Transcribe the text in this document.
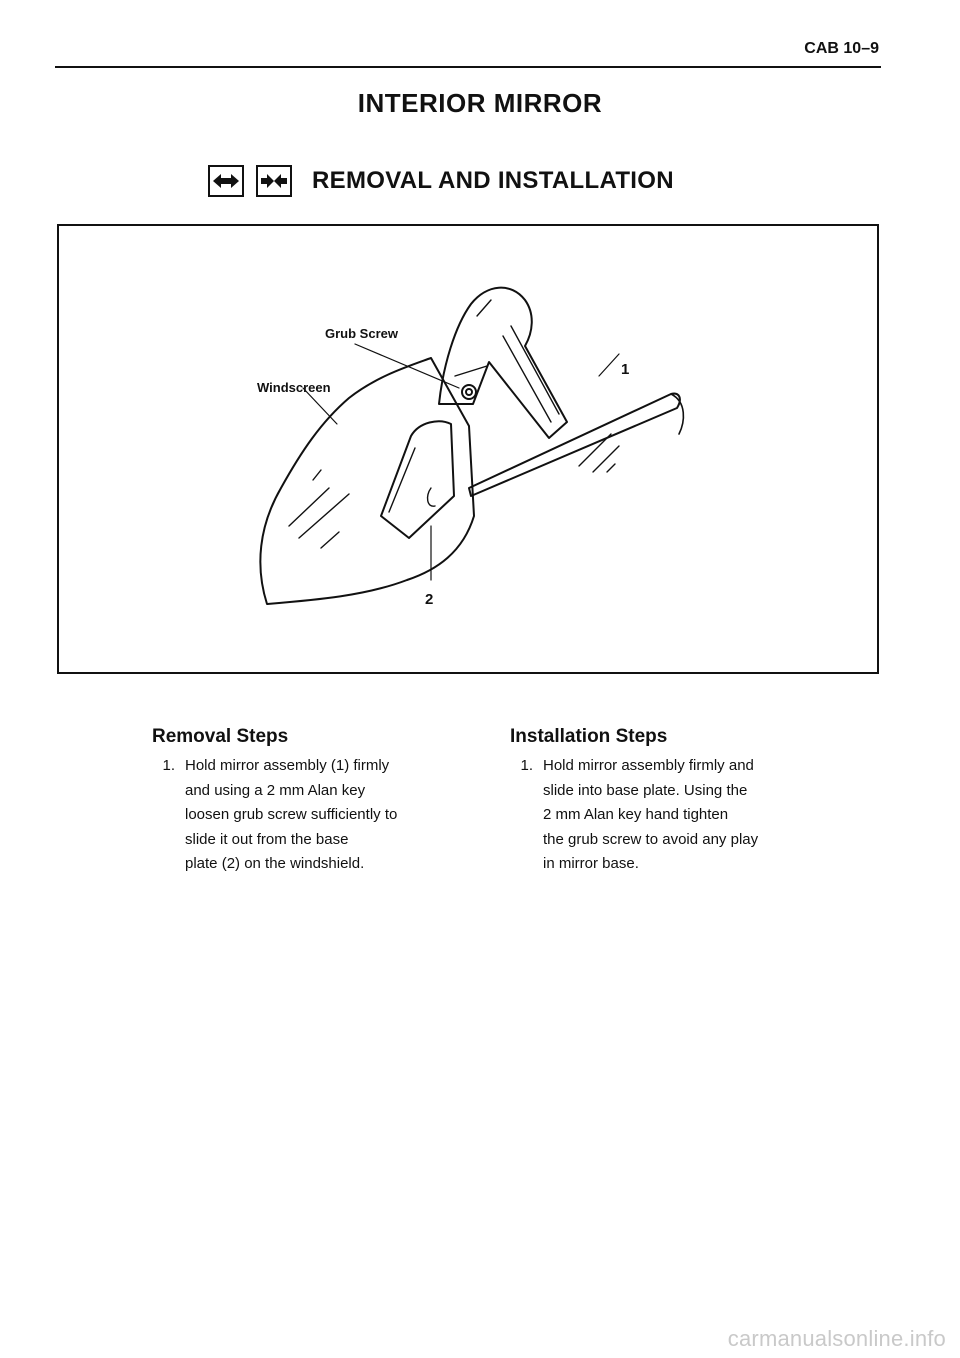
CAB 10–9
INTERIOR MIRROR
REMOVAL AND INSTALLATION
Grub Screw
Windscreen
1
2
Removal Steps
1. Hold mirror assembly (1) firmly
and using a 2 mm Alan key
loosen grub screw sufficiently to
slide it out from the base
plate (2) on the windshield.
Installation Steps
1. Hold mirror assembly firmly and
slide into base plate. Using the
2 mm Alan key hand tighten
the grub screw to avoid any play
in mirror base.
carmanualsonline.info
